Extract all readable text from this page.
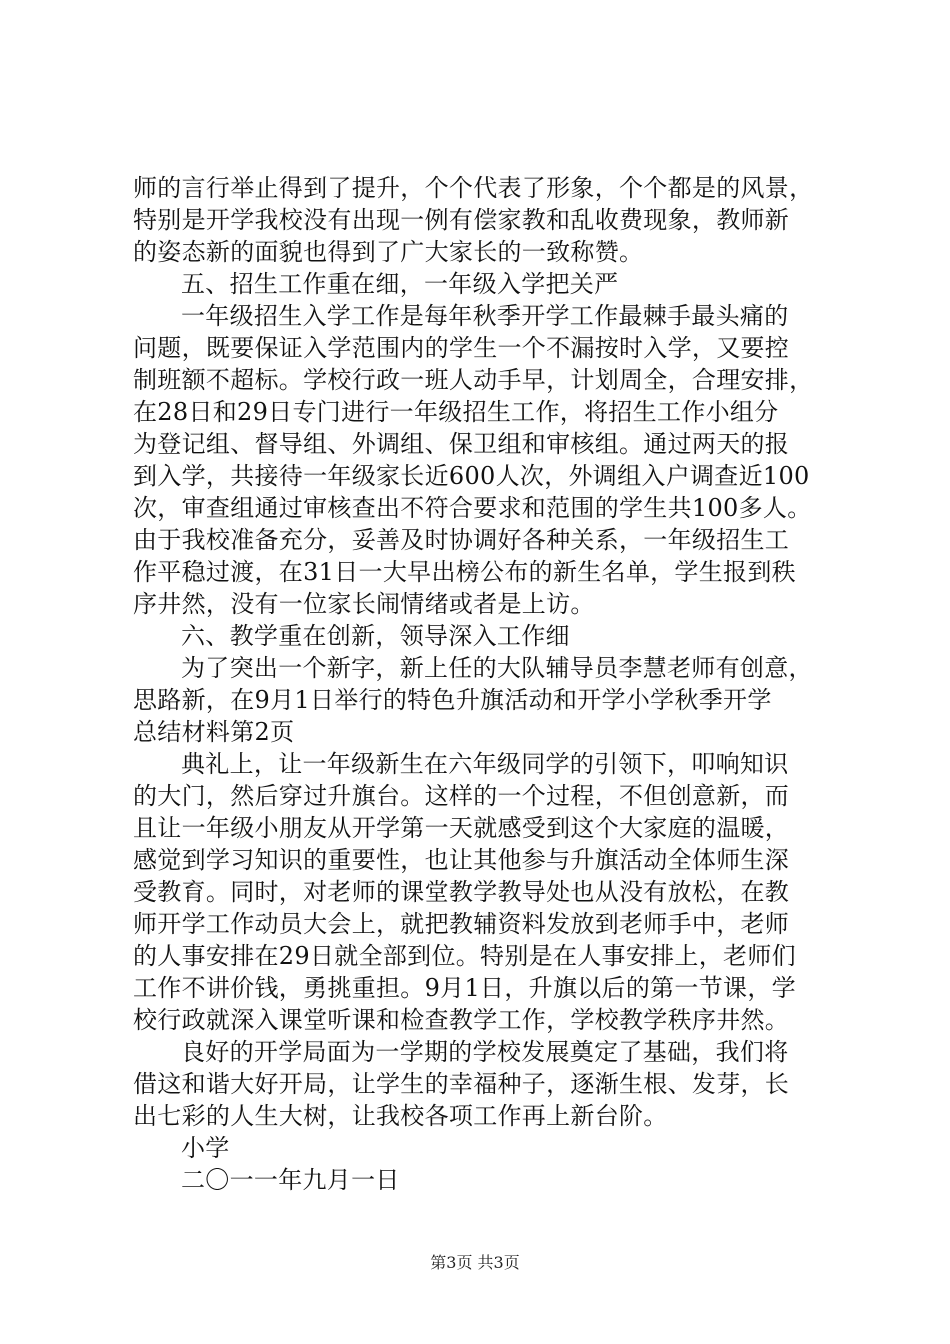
师的言行举止得到了提升，个个代表了形象，个个都是的风景，
特别是开学我校没有出现一例有偿家教和乱收费现象，教师新
的姿态新的面貌也得到了广大家长的一致称赞。
五、招生工作重在细，一年级入学把关严
一年级招生入学工作是每年秋季开学工作最棘手最头痛的
问题，既要保证入学范围内的学生一个不漏按时入学，又要控
制班额不超标。学校行政一班人动手早，计划周全，合理安排，
在28日和29日专门进行一年级招生工作，将招生工作小组分
为登记组、督导组、外调组、保卫组和审核组。通过两天的报
到入学，共接待一年级家长近600人次，外调组入户调查近100
次，审查组通过审核查出不符合要求和范围的学生共100多人。
由于我校准备充分，妥善及时协调好各种关系，一年级招生工
作平稳过渡，在31日一大早出榜公布的新生名单，学生报到秩
序井然，没有一位家长闹情绪或者是上访。
六、教学重在创新，领导深入工作细
为了突出一个新字，新上任的大队辅导员李慧老师有创意，
思路新，在9月1日举行的特色升旗活动和开学小学秋季开学
总结材料第2页
典礼上，让一年级新生在六年级同学的引领下，叩响知识
的大门，然后穿过升旗台。这样的一个过程，不但创意新，而
且让一年级小朋友从开学第一天就感受到这个大家庭的温暖，
感觉到学习知识的重要性，也让其他参与升旗活动全体师生深
受教育。同时，对老师的课堂教学教导处也从没有放松，在教
师开学工作动员大会上，就把教辅资料发放到老师手中，老师
的人事安排在29日就全部到位。特别是在人事安排上，老师们
工作不讲价钱，勇挑重担。9月1日，升旗以后的第一节课，学
校行政就深入课堂听课和检查教学工作，学校教学秩序井然。
良好的开学局面为一学期的学校发展奠定了基础，我们将
借这和谐大好开局，让学生的幸福种子，逐渐生根、发芽，长
出七彩的人生大树，让我校各项工作再上新台阶。
小学
二〇一一年九月一日
第3页 共3页
